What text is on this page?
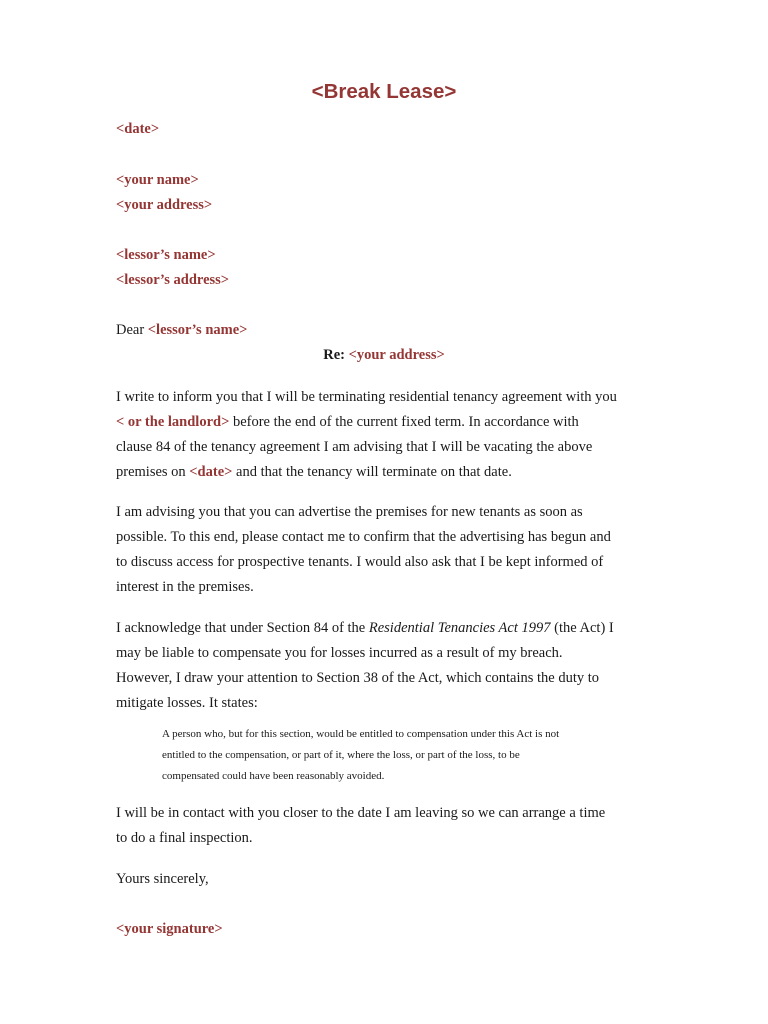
<Break Lease>
<date>
<your name>
<your address>
<lessor’s name>
<lessor’s address>
Dear <lessor’s name>
Re: <your address>
I write to inform you that I will be terminating residential tenancy agreement with you
< or the landlord> before the end of the current fixed term. In accordance with
clause 84 of the tenancy agreement I am advising that I will be vacating the above
premises on <date> and that the tenancy will terminate on that date.
I am advising you that you can advertise the premises for new tenants as soon as
possible. To this end, please contact me to confirm that the advertising has begun and
to discuss access for prospective tenants. I would also ask that I be kept informed of
interest in the premises.
I acknowledge that under Section 84 of the Residential Tenancies Act 1997 (the Act) I
may be liable to compensate you for losses incurred as a result of my breach.
However, I draw your attention to Section 38 of the Act, which contains the duty to
mitigate losses. It states:
A person who, but for this section, would be entitled to compensation under this Act is not
entitled to the compensation, or part of it, where the loss, or part of the loss, to be
compensated could have been reasonably avoided.
I will be in contact with you closer to the date I am leaving so we can arrange a time
to do a final inspection.
Yours sincerely,
<your signature>
